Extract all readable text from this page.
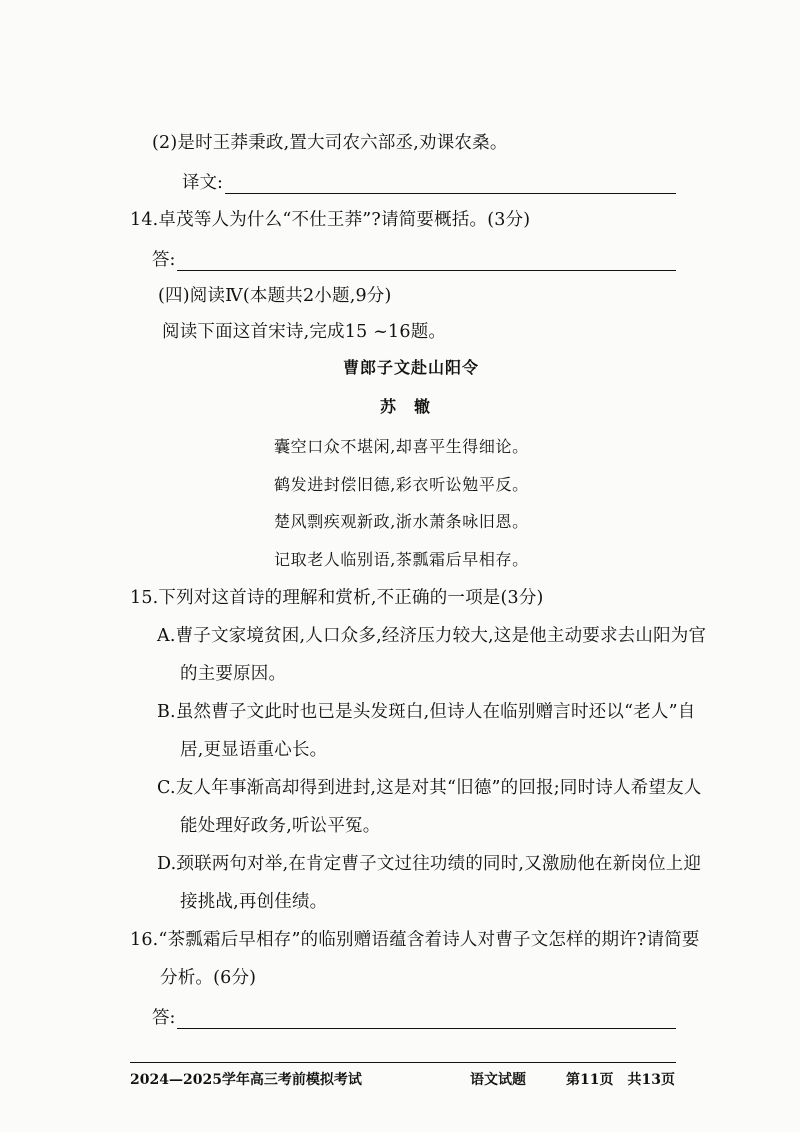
(2)是时王莽秉政,置大司农六部丞,劝课农桑。
译文:
14.卓茂等人为什么“不仕王莽”?请简要概括。(3分)
答:
(四)阅读Ⅳ(本题共2小题,9分)
阅读下面这首宋诗,完成15 ~16题。
曹郎子文赴山阳令
苏　辙
囊空口众不堪闲,却喜平生得细论。
鹤发进封偿旧德,彩衣听讼勉平反。
楚风剽疾观新政,浙水萧条咏旧恩。
记取老人临别语,茶瓢霜后早相存。
15.下列对这首诗的理解和赏析,不正确的一项是(3分)
A.曹子文家境贫困,人口众多,经济压力较大,这是他主动要求去山阳为官
的主要原因。
B.虽然曹子文此时也已是头发斑白,但诗人在临别赠言时还以“老人”自
居,更显语重心长。
C.友人年事渐高却得到进封,这是对其“旧德”的回报;同时诗人希望友人
能处理好政务,听讼平冤。
D.颈联两句对举,在肯定曹子文过往功绩的同时,又激励他在新岗位上迎
接挑战,再创佳绩。
16.“茶瓢霜后早相存”的临别赠语蕴含着诗人对曹子文怎样的期许?请简要
分析。(6分)
答:
2024—2025学年高三考前模拟考试	语文试题	第11页　共13页
